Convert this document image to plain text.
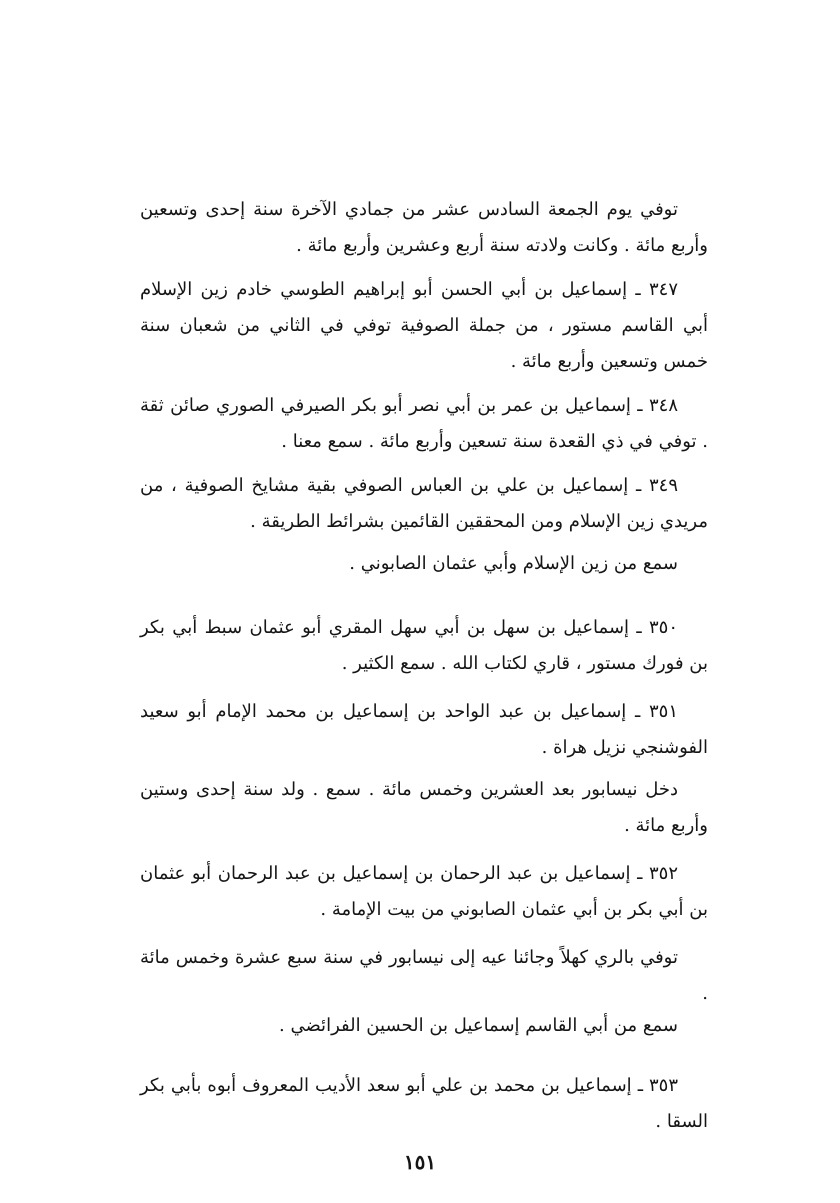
توفي يوم الجمعة السادس عشر من جمادي الآخرة سنة إحدى وتسعين وأربع مائة . وكانت ولادته سنة أربع وعشرين وأربع مائة .

٣٤٧ ـ إسماعيل بن أبي الحسن أبو إبراهيم الطوسي خادم زين الإسلام أبي القاسم مستور ، من جملة الصوفية توفي في الثاني من شعبان سنة خمس وتسعين وأربع مائة .

٣٤٨ ـ إسماعيل بن عمر بن أبي نصر أبو بكر الصيرفي الصوري صائن ثقة . توفي في ذي القعدة سنة تسعين وأربع مائة . سمع معنا .

٣٤٩ ـ إسماعيل بن علي بن العباس الصوفي بقية مشايخ الصوفية ، من مريدي زين الإسلام ومن المحققين القائمين بشرائط الطريقة .

سمع من زين الإسلام وأبي عثمان الصابوني .

٣٥٠ ـ إسماعيل بن سهل بن أبي سهل المقري أبو عثمان سبط أبي بكر بن فورك مستور ، قاري لكتاب الله . سمع الكثير .

٣٥١ ـ إسماعيل بن عبد الواحد بن إسماعيل بن محمد الإمام أبو سعيد الفوشنجي نزيل هراة .

دخل نيسابور بعد العشرين وخمس مائة . سمع . ولد سنة إحدى وستين وأربع مائة .

٣٥٢ ـ إسماعيل بن عبد الرحمان بن إسماعيل بن عبد الرحمان أبو عثمان بن أبي بكر بن أبي عثمان الصابوني من بيت الإمامة .

توفي بالري كهلاً وجائنا عيه إلى نيسابور في سنة سبع عشرة وخمس مائة .

سمع من أبي القاسم إسماعيل بن الحسين الفرائضي .

٣٥٣ ـ إسماعيل بن محمد بن علي أبو سعد الأديب المعروف أبوه بأبي بكر السقا .

١٥١
